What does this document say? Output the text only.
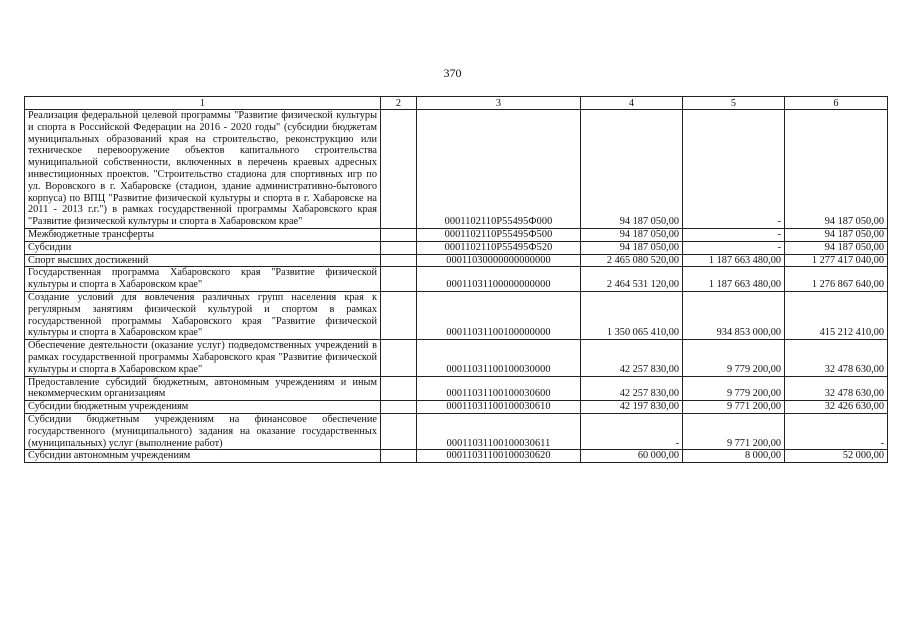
370
1	2	3	4	5	6
Реализация федеральной целевой программы "Развитие физической культуры и спорта в Российской Федерации на 2016 - 2020 годы" (субсидии бюджетам муниципальных образований края на строительство, реконструкцию или техническое перевооружение объектов капитального строительства муниципальной собственности, включенных в перечень краевых адресных инвестиционных проектов. "Строительство стадиона для спортивных игр по ул. Воровского в г. Хабаровске (стадион, здание административно-бытового корпуса) по ВПЦ "Развитие физической культуры и спорта в г. Хабаровске на 2011 - 2013 г.г.") в рамках государственной программы Хабаровского края "Развитие физической культуры и спорта в Хабаровском крае"		0001102110P55495Ф000	94 187 050,00	-	94 187 050,00
Межбюджетные трансферты		0001102110P55495Ф500	94 187 050,00	-	94 187 050,00
Субсидии		0001102110P55495Ф520	94 187 050,00	-	94 187 050,00
Спорт высших достижений		00011030000000000000	2 465 080 520,00	1 187 663 480,00	1 277 417 040,00
Государственная программа Хабаровского края "Развитие физической культуры и спорта в Хабаровском крае"		00011031100000000000	2 464 531 120,00	1 187 663 480,00	1 276 867 640,00
Создание условий для вовлечения различных групп населения края к регулярным занятиям физической культурой и спортом в рамках государственной программы Хабаровского края "Развитие физической культуры и спорта в Хабаровском крае"		00011031100100000000	1 350 065 410,00	934 853 000,00	415 212 410,00
Обеспечение деятельности (оказание услуг) подведомственных учреждений в рамках государственной программы Хабаровского края "Развитие физической культуры и спорта в Хабаровском крае"		00011031100100030000	42 257 830,00	9 779 200,00	32 478 630,00
Предоставление субсидий бюджетным, автономным учреждениям и иным некоммерческим организациям		00011031100100030600	42 257 830,00	9 779 200,00	32 478 630,00
Субсидии бюджетным учреждениям		00011031100100030610	42 197 830,00	9 771 200,00	32 426 630,00
Субсидии бюджетным учреждениям на финансовое обеспечение государственного (муниципального) задания на оказание государственных (муниципальных) услуг (выполнение работ)		00011031100100030611	-	9 771 200,00	-
Субсидии автономным учреждениям		00011031100100030620	60 000,00	8 000,00	52 000,00
